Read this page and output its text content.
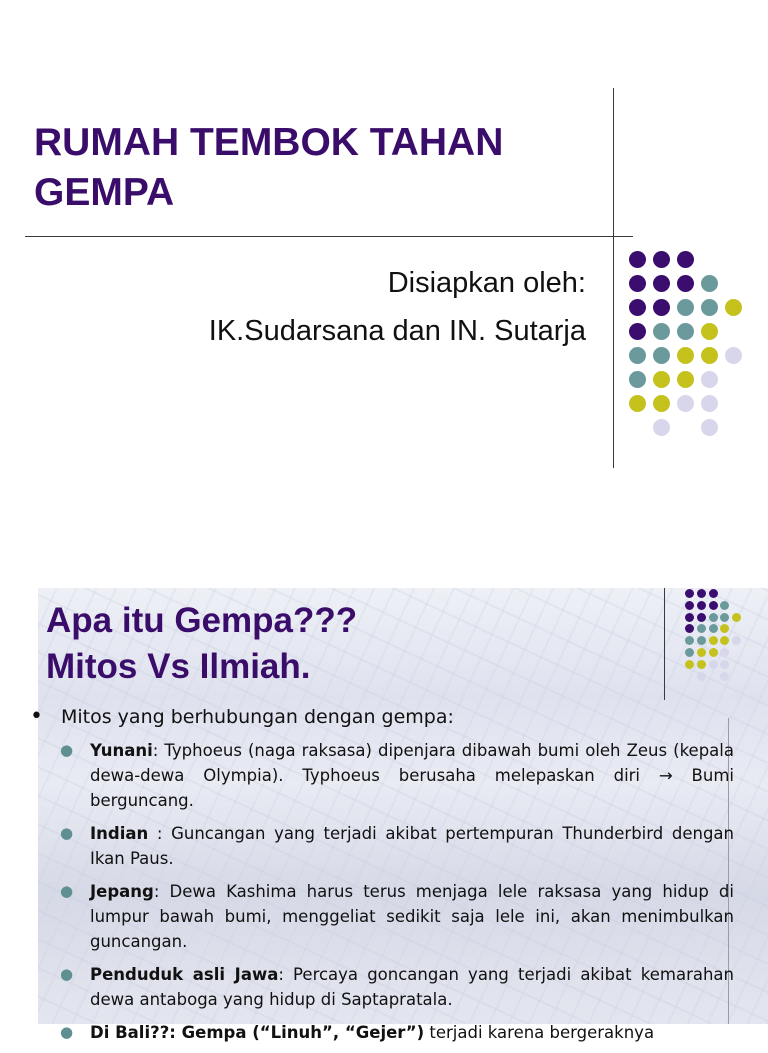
RUMAH TEMBOK TAHAN GEMPA

Disiapkan oleh:

IK.Sudarsana dan IN. Sutarja

Apa itu Gempa???
Mitos Vs Ilmiah.
• Mitos yang berhubungan dengan gempa:
● Yunani: Typhoeus (naga raksasa) dipenjara dibawah bumi oleh Zeus (kepala dewa-dewa Olympia). Typhoeus berusaha melepaskan diri → Bumi berguncang.
● Indian : Guncangan yang terjadi akibat pertempuran Thunderbird dengan Ikan Paus.
● Jepang: Dewa Kashima harus terus menjaga lele raksasa yang hidup di lumpur bawah bumi, menggeliat sedikit saja lele ini, akan menimbulkan guncangan.
● Penduduk asli Jawa: Percaya goncangan yang terjadi akibat kemarahan dewa antaboga yang hidup di Saptapratala.
● Di Bali??: Gempa (“Linuh”, “Gejer”) terjadi karena bergeraknya
